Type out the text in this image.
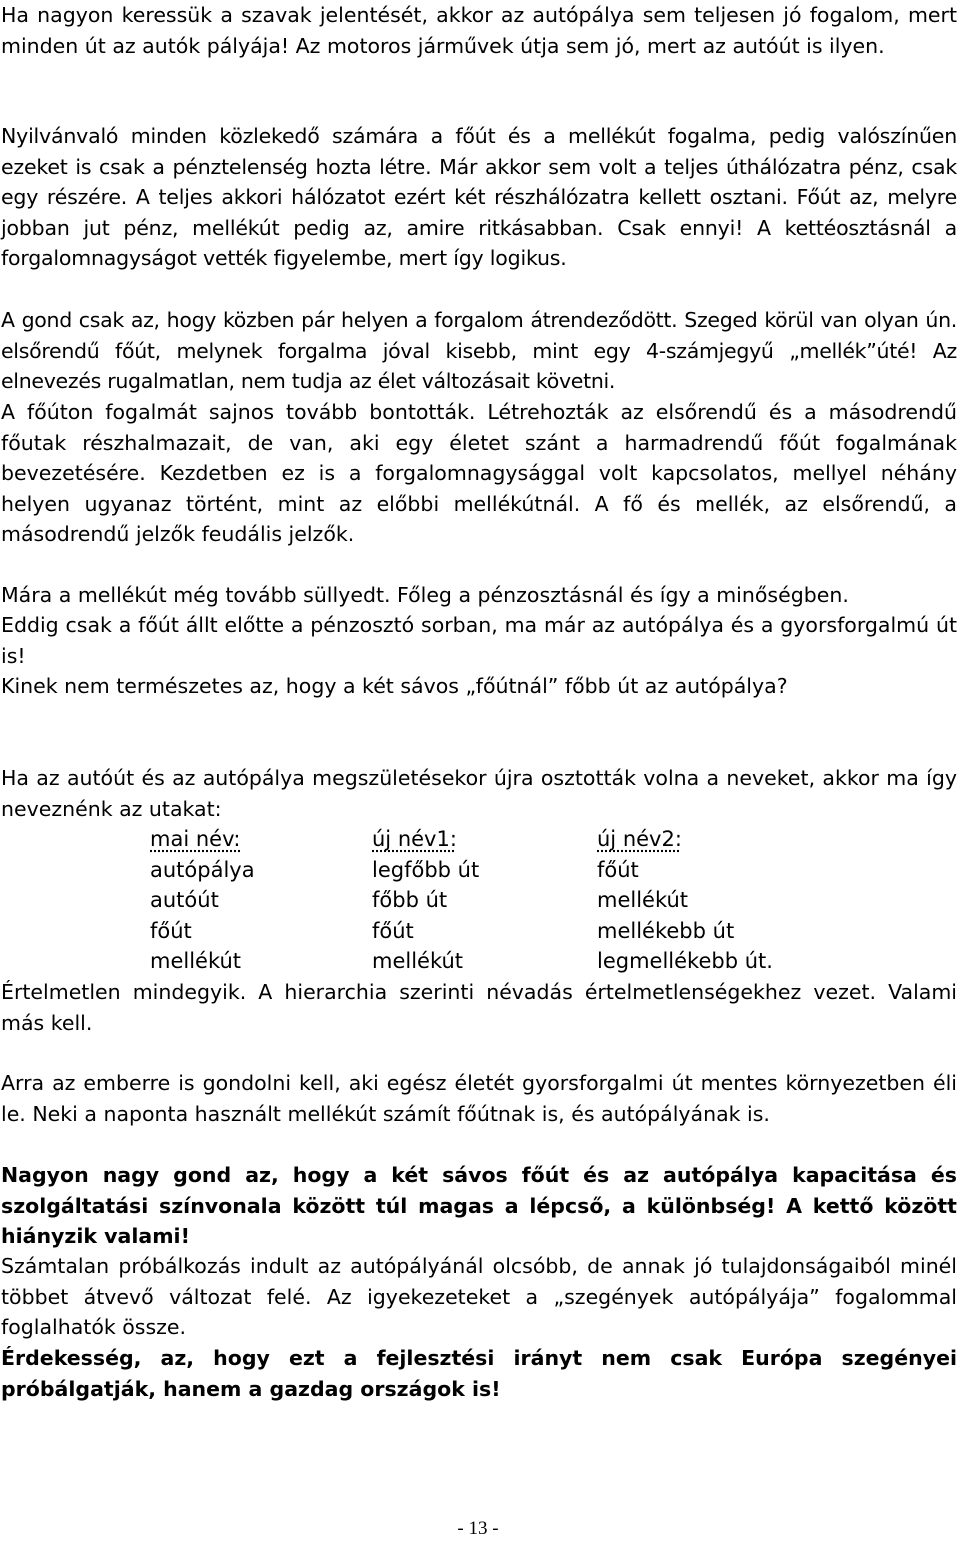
Ha nagyon keressük a szavak jelentését, akkor az autópálya sem teljesen jó fogalom, mert minden út az autók pályája! Az motoros járművek útja sem jó, mert az autóút is ilyen.

Nyilvánvaló minden közlekedő számára a főút és a mellékút fogalma, pedig valószínűen ezeket is csak a pénztelenség hozta létre. Már akkor sem volt a teljes úthálózatra pénz, csak egy részére. A teljes akkori hálózatot ezért két részhálózatra kellett osztani. Főút az, melyre jobban jut pénz, mellékút pedig az, amire ritkásabban. Csak ennyi! A kettéosztásnál a forgalomnagyságot vették figyelembe, mert így logikus.

A gond csak az, hogy közben pár helyen a forgalom átrendeződött. Szeged körül van olyan ún. elsőrendű főút, melynek forgalma jóval kisebb, mint egy 4-számjegyű „mellék”úté! Az elnevezés rugalmatlan, nem tudja az élet változásait követni.

A főúton fogalmát sajnos tovább bontották. Létrehozták az elsőrendű és a másodrendű főutak részhalmazait, de van, aki egy életet szánt a harmadrendű főút fogalmának bevezetésére. Kezdetben ez is a forgalomnagysággal volt kapcsolatos, mellyel néhány helyen ugyanaz történt, mint az előbbi mellékútnál. A fő és mellék, az elsőrendű, a másodrendű jelzők feudális jelzők.

Mára a mellékút még tovább süllyedt. Főleg a pénzosztásnál és így a minőségben.

Eddig csak a főút állt előtte a pénzosztó sorban, ma már az autópálya és a gyorsforgalmú út is!

Kinek nem természetes az, hogy a két sávos „főútnál” főbb út az autópálya?

Ha az autóút és az autópálya megszületésekor újra osztották volna a neveket, akkor ma így neveznénk az utakat:

mai név:	új név1:	új név2:
autópálya	legfőbb út	főút
autóút	főbb út	mellékút
főút	főút	mellékebb út
mellékút	mellékút	legmellékebb út.

Értelmetlen mindegyik. A hierarchia szerinti névadás értelmetlenségekhez vezet. Valami más kell.

Arra az emberre is gondolni kell, aki egész életét gyorsforgalmi út mentes környezetben éli le. Neki a naponta használt mellékút számít főútnak is, és autópályának is.

Nagyon nagy gond az, hogy a két sávos főút és az autópálya kapacitása és szolgáltatási színvonala között túl magas a lépcső, a különbség! A kettő között hiányzik valami!

Számtalan próbálkozás indult az autópályánál olcsóbb, de annak jó tulajdonságaiból minél többet átvevő változat felé. Az igyekezeteket a „szegények autópályája” fogalommal foglalhatók össze.

Érdekesség, az, hogy ezt a fejlesztési irányt nem csak Európa szegényei próbálgatják, hanem a gazdag országok is!

- 13 -
